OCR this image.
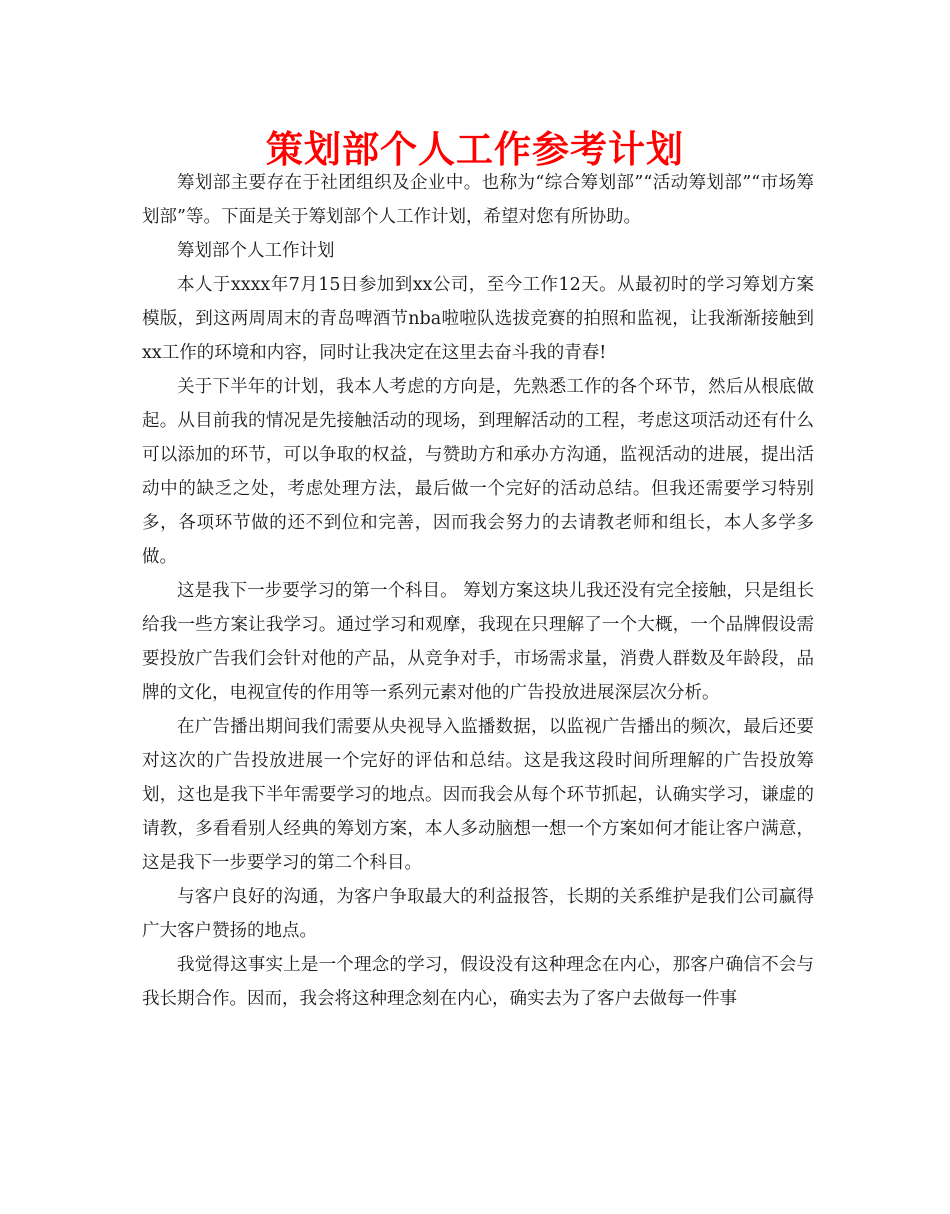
策划部个人工作参考计划

筹划部主要存在于社团组织及企业中。也称为“综合筹划部”“活动筹划部”“市场筹划部”等。下面是关于筹划部个人工作计划，希望对您有所协助。

筹划部个人工作计划

本人于xxxx年7月15日参加到xx公司，至今工作12天。从最初时的学习筹划方案模版，到这两周周末的青岛啤酒节nba啦啦队选拔竞赛的拍照和监视，让我渐渐接触到xx工作的环境和内容，同时让我决定在这里去奋斗我的青春!

关于下半年的计划，我本人考虑的方向是，先熟悉工作的各个环节，然后从根底做起。从目前我的情况是先接触活动的现场，到理解活动的工程，考虑这项活动还有什么可以添加的环节，可以争取的权益，与赞助方和承办方沟通，监视活动的进展，提出活动中的缺乏之处，考虑处理方法，最后做一个完好的活动总结。但我还需要学习特别多，各项环节做的还不到位和完善，因而我会努力的去请教老师和组长，本人多学多做。

这是我下一步要学习的第一个科目。 筹划方案这块儿我还没有完全接触，只是组长给我一些方案让我学习。通过学习和观摩，我现在只理解了一个大概，一个品牌假设需要投放广告我们会针对他的产品，从竞争对手，市场需求量，消费人群数及年龄段，品牌的文化，电视宣传的作用等一系列元素对他的广告投放进展深层次分析。

在广告播出期间我们需要从央视导入监播数据，以监视广告播出的频次，最后还要对这次的广告投放进展一个完好的评估和总结。这是我这段时间所理解的广告投放筹划，这也是我下半年需要学习的地点。因而我会从每个环节抓起，认确实学习，谦虚的请教，多看看别人经典的筹划方案，本人多动脑想一想一个方案如何才能让客户满意，这是我下一步要学习的第二个科目。

与客户良好的沟通，为客户争取最大的利益报答，长期的关系维护是我们公司赢得广大客户赞扬的地点。

我觉得这事实上是一个理念的学习，假设没有这种理念在内心，那客户确信不会与我长期合作。因而，我会将这种理念刻在内心，确实去为了客户去做每一件事
